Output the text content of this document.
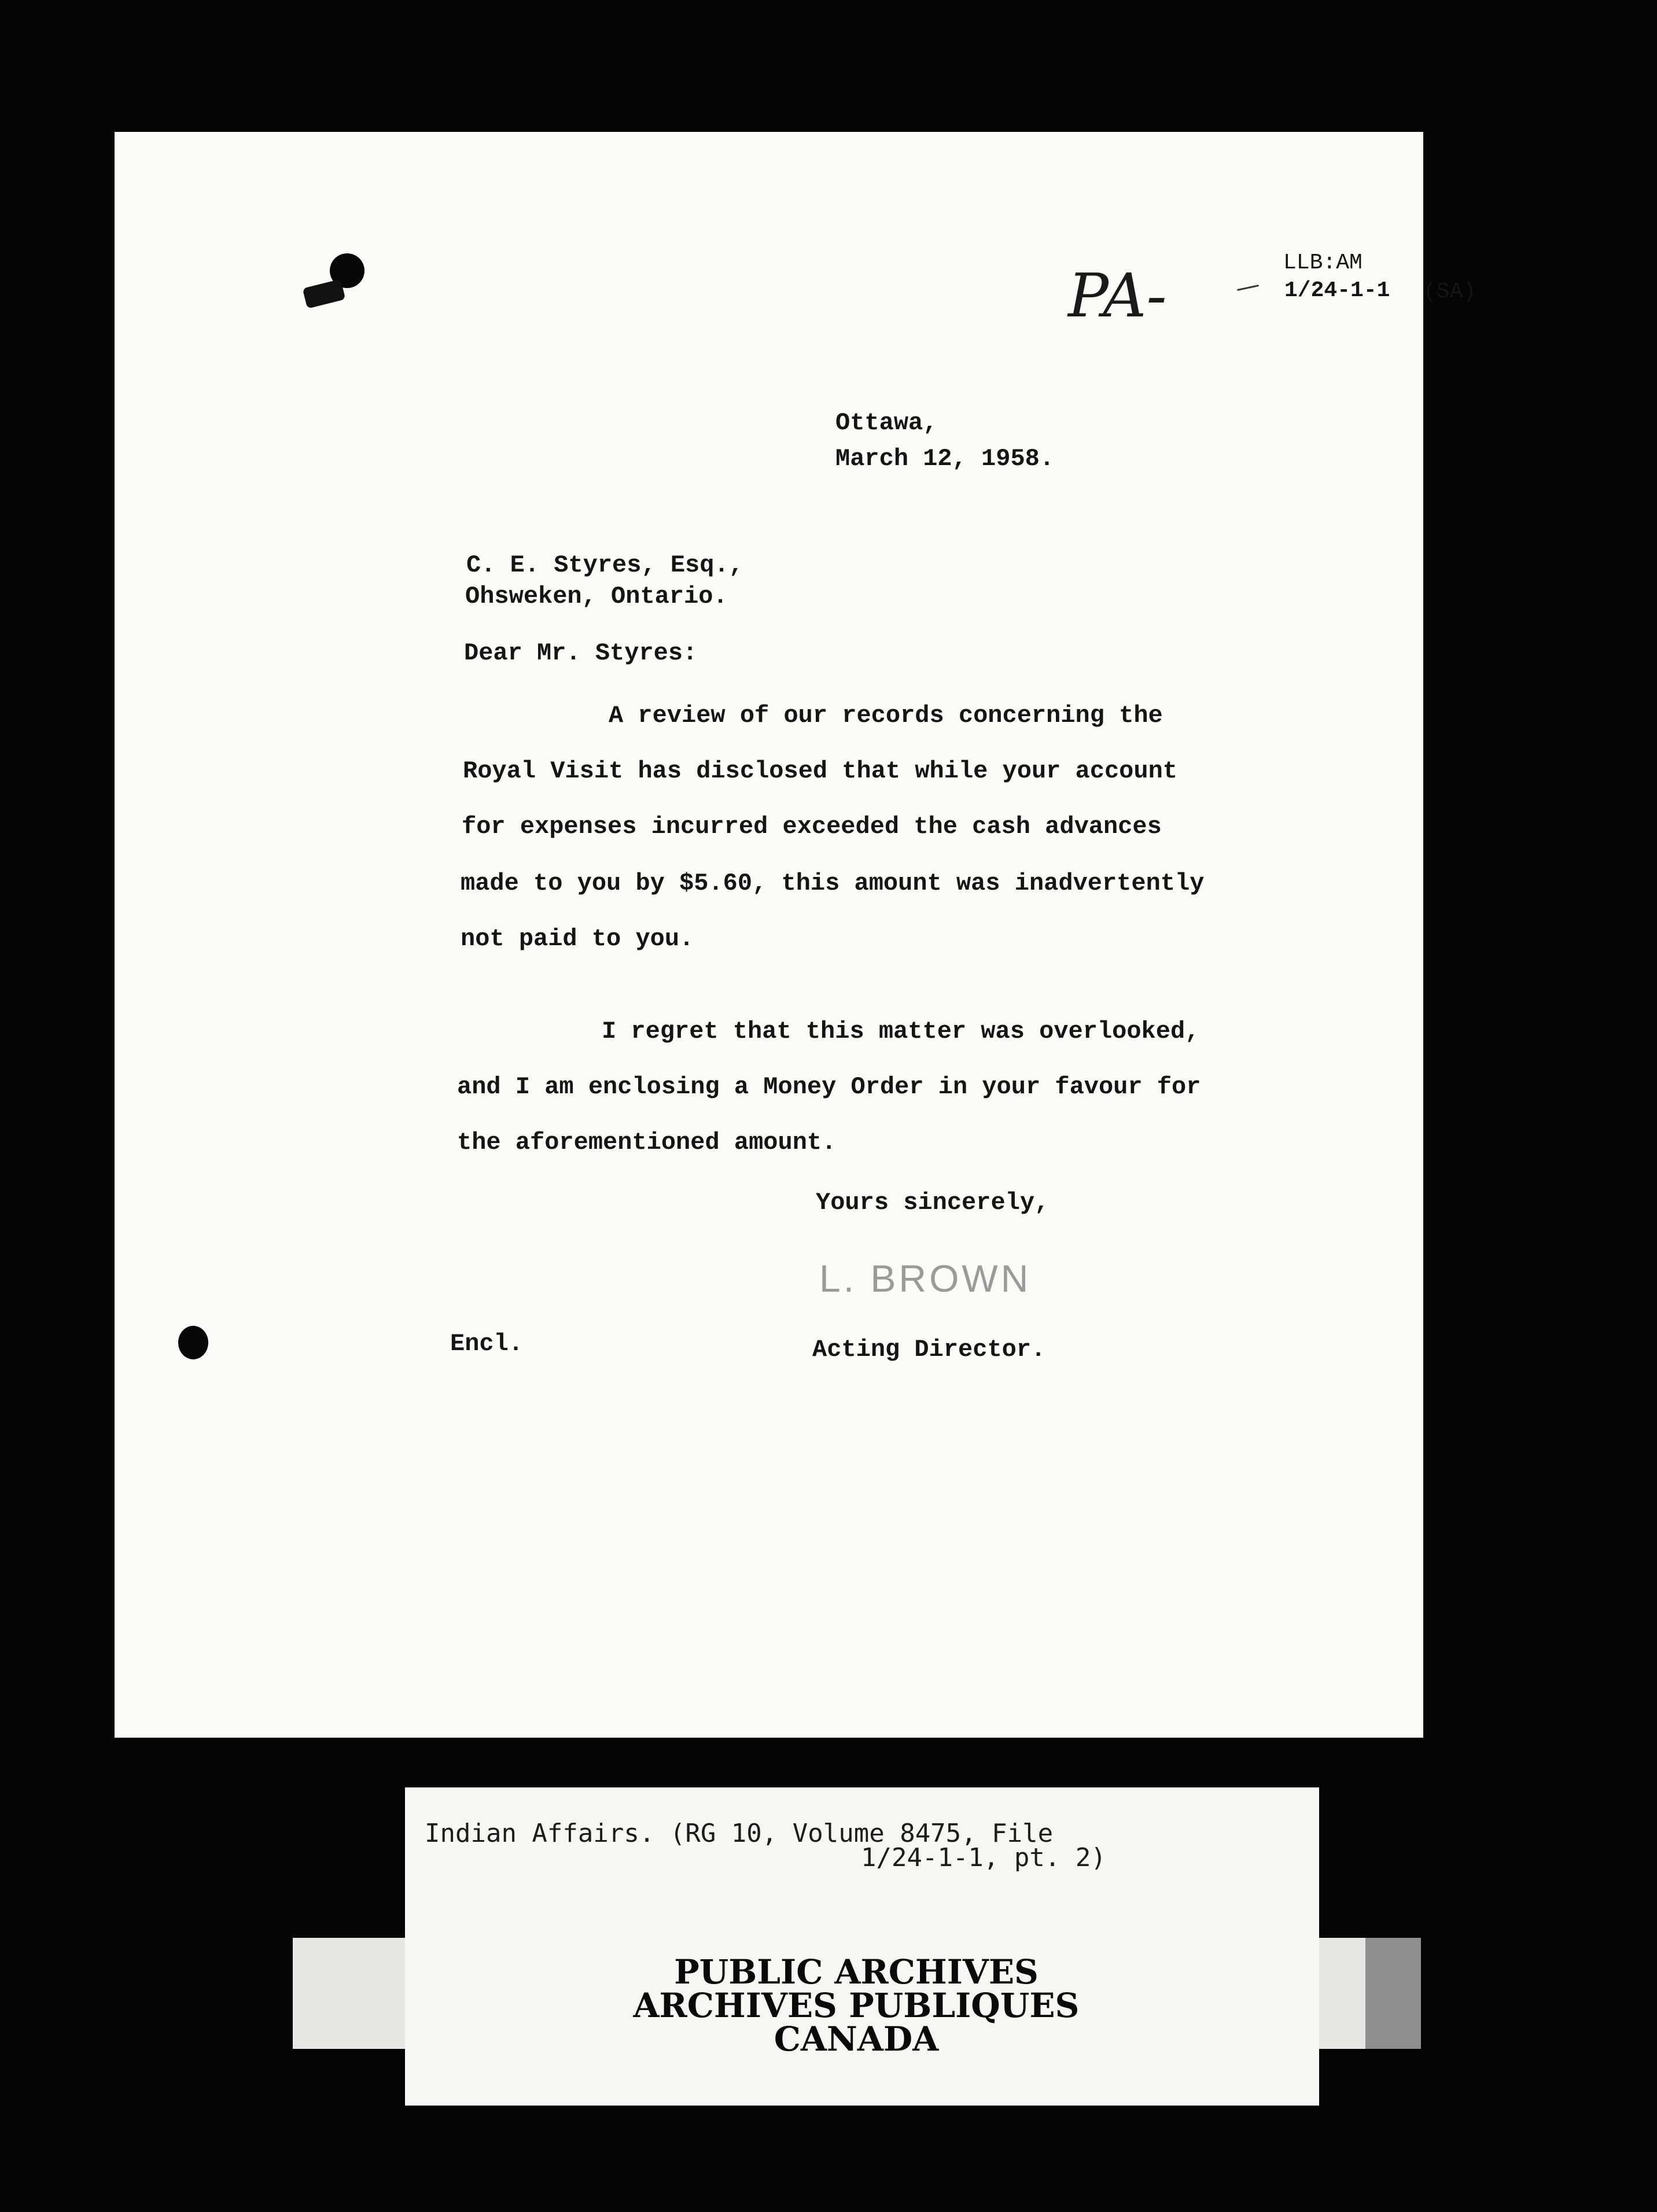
LLB:AM
1/24-1-1 (SA)
PA-
Ottawa,
March 12, 1958.
C. E. Styres, Esq.,
Ohsweken, Ontario.
Dear Mr. Styres:
A review of our records concerning the
Royal Visit has disclosed that while your account
for expenses incurred exceeded the cash advances
made to you by $5.60, this amount was inadvertently
not paid to you.
I regret that this matter was overlooked,
and I am enclosing a Money Order in your favour for
the aforementioned amount.
Yours sincerely,
L. BROWN
Acting Director.
Encl.
Indian Affairs. (RG 10, Volume 8475, File
1/24-1-1, pt. 2)
PUBLIC ARCHIVES
ARCHIVES PUBLIQUES
CANADA
